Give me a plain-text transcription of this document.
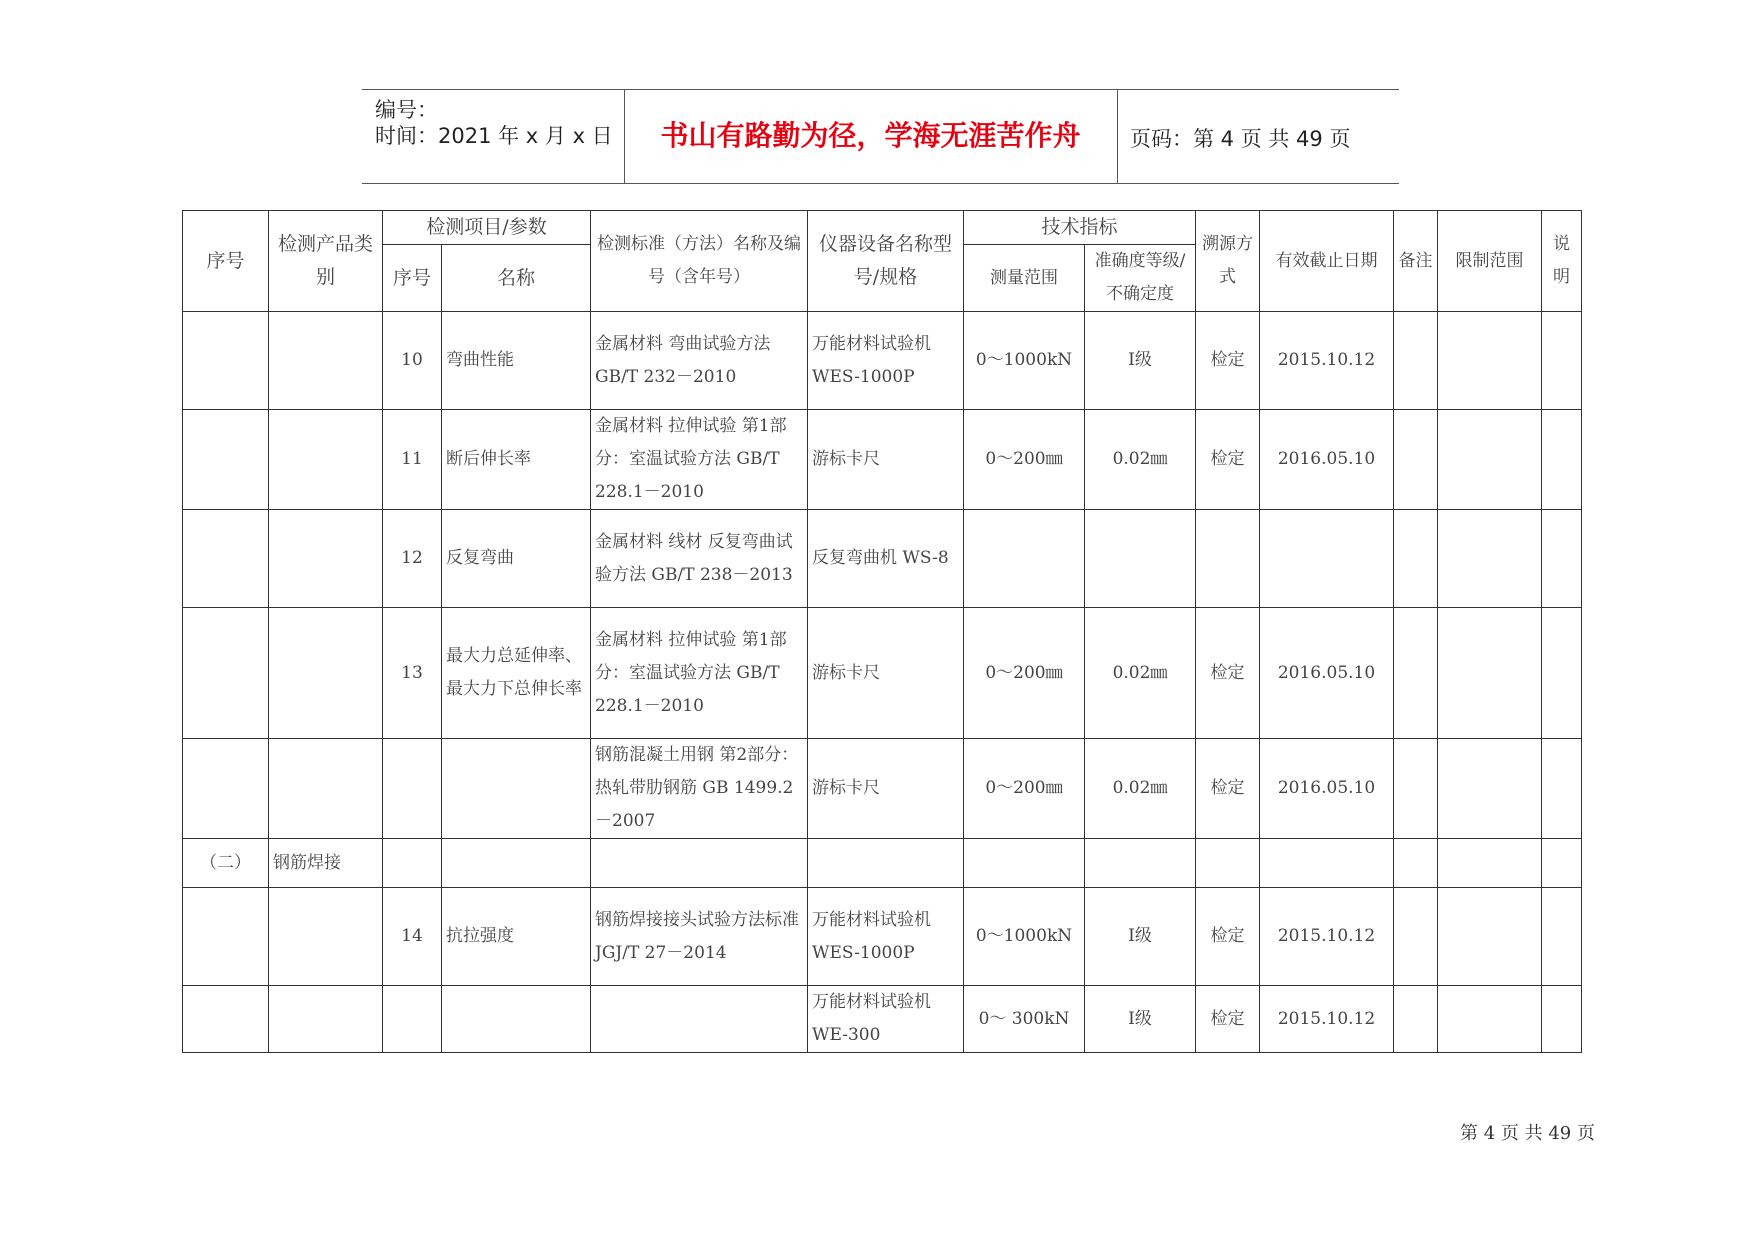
编号：
时间：2021 年 x 月 x 日	书山有路勤为径，学海无涯苦作舟	页码：第 4 页 共 49 页
序号	检测产品类别	检测项目/参数		检测标准（方法）名称及编号（含年号）	仪器设备名称型号/规格	技术指标		溯源方式	有效截止日期	备注	限制范围	说明
		序号	名称			测量范围	准确度等级/不确定度					
		10	弯曲性能	金属材料 弯曲试验方法 GB/T 232－2010	万能材料试验机 WES-1000P	0～1000kN	Ⅰ级	检定	2015.10.12			
		11	断后伸长率	金属材料 拉伸试验 第1部分：室温试验方法 GB/T 228.1－2010	游标卡尺	0～200㎜	0.02㎜	检定	2016.05.10			
		12	反复弯曲	金属材料 线材 反复弯曲试验方法 GB/T 238－2013	反复弯曲机 WS-8							
		13	最大力总延伸率、最大力下总伸长率	金属材料 拉伸试验 第1部分：室温试验方法 GB/T 228.1－2010	游标卡尺	0～200㎜	0.02㎜	检定	2016.05.10			
				钢筋混凝土用钢 第2部分：热轧带肋钢筋 GB 1499.2－2007	游标卡尺	0～200㎜	0.02㎜	检定	2016.05.10			
（二）	钢筋焊接											
		14	抗拉强度	钢筋焊接接头试验方法标准 JGJ/T 27－2014	万能材料试验机 WES-1000P	0～1000kN	Ⅰ级	检定	2015.10.12			
					万能材料试验机 WE-300	0～ 300kN	Ⅰ级	检定	2015.10.12			
第 4 页 共 49 页
